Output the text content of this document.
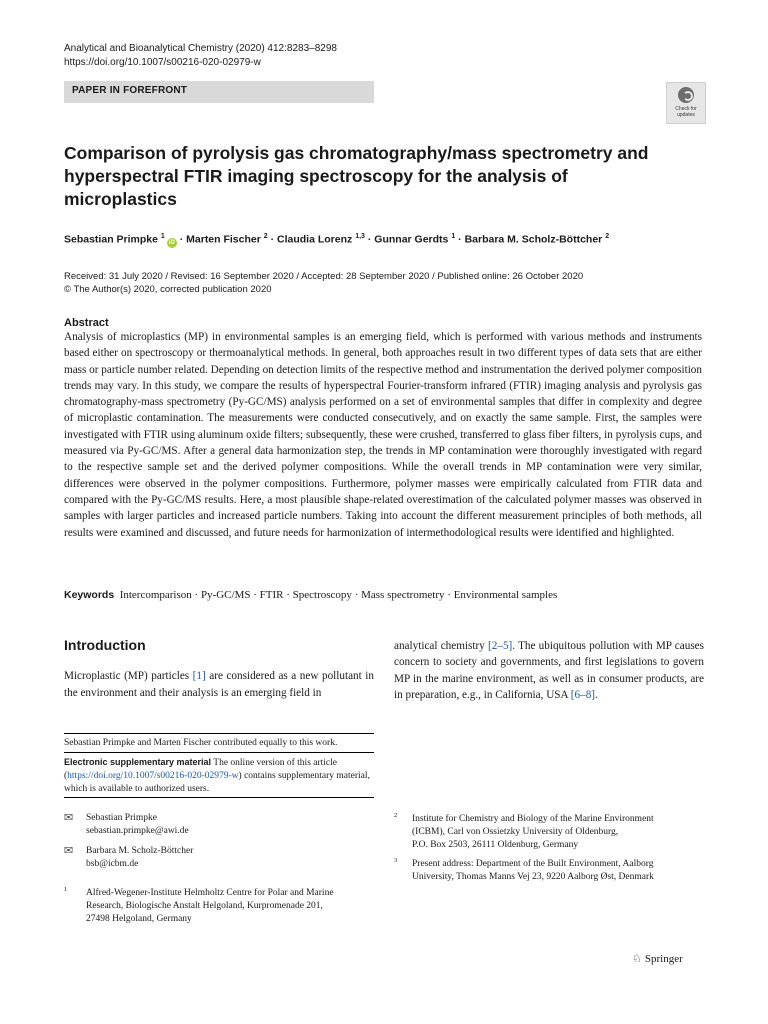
Analytical and Bioanalytical Chemistry (2020) 412:8283–8298
https://doi.org/10.1007/s00216-020-02979-w
PAPER IN FOREFRONT
Check for
updates
Comparison of pyrolysis gas chromatography/mass spectrometry and hyperspectral FTIR imaging spectroscopy for the analysis of microplastics
Sebastian Primpke $^1$iD · Marten Fischer $^2$ · Claudia Lorenz $^{1,3}$ · Gunnar Gerdts $^1$ · Barbara M. Scholz-Böttcher $^2$
Received: 31 July 2020 / Revised: 16 September 2020 / Accepted: 28 September 2020 / Published online: 26 October 2020
© The Author(s) 2020, corrected publication 2020
Abstract
Analysis of microplastics (MP) in environmental samples is an emerging field, which is performed with various methods and instruments based either on spectroscopy or thermoanalytical methods. In general, both approaches result in two different types of data sets that are either mass or particle number related. Depending on detection limits of the respective method and instrumentation the derived polymer composition trends may vary. In this study, we compare the results of hyperspectral Fourier-transform infrared (FTIR) imaging analysis and pyrolysis gas chromatography-mass spectrometry (Py-GC/MS) analysis performed on a set of environmental samples that differ in complexity and degree of microplastic contamination. The measurements were conducted consecutively, and on exactly the same sample. First, the samples were investigated with FTIR using aluminum oxide filters; subsequently, these were crushed, transferred to glass fiber filters, in pyrolysis cups, and measured via Py-GC/MS. After a general data harmonization step, the trends in MP contamination were thoroughly investigated with regard to the respective sample set and the derived polymer compositions. While the overall trends in MP contamination were very similar, differences were observed in the polymer compositions. Furthermore, polymer masses were empirically calculated from FTIR data and compared with the Py-GC/MS results. Here, a most plausible shape-related overestimation of the calculated polymer masses was observed in samples with larger particles and increased particle numbers. Taking into account the different measurement principles of both methods, all results were examined and discussed, and future needs for harmonization of intermethodological results were identified and highlighted.
Keywords Intercomparison · Py-GC/MS · FTIR · Spectroscopy · Mass spectrometry · Environmental samples
Introduction
Microplastic (MP) particles [1] are considered as a new pollutant in the environment and their analysis is an emerging field in
analytical chemistry [2–5]. The ubiquitous pollution with MP causes concern to society and governments, and first legislations to govern MP in the marine environment, as well as in consumer products, are in preparation, e.g., in California, USA [6–8].
Sebastian Primpke and Marten Fischer contributed equally to this work.
Electronic supplementary material The online version of this article (https://doi.org/10.1007/s00216-020-02979-w) contains supplementary material, which is available to authorized users.
✉ Sebastian Primpke
sebastian.primpke@awi.de
✉ Barbara M. Scholz-Böttcher
bsb@icbm.de
1 Alfred-Wegener-Institute Helmholtz Centre for Polar and Marine
Research, Biologische Anstalt Helgoland, Kurpromenade 201,
27498 Helgoland, Germany
2 Institute for Chemistry and Biology of the Marine Environment
(ICBM), Carl von Ossietzky University of Oldenburg,
P.O. Box 2503, 26111 Oldenburg, Germany
3 Present address: Department of the Built Environment, Aalborg
University, Thomas Manns Vej 23, 9220 Aalborg Øst, Denmark
♘ Springer
